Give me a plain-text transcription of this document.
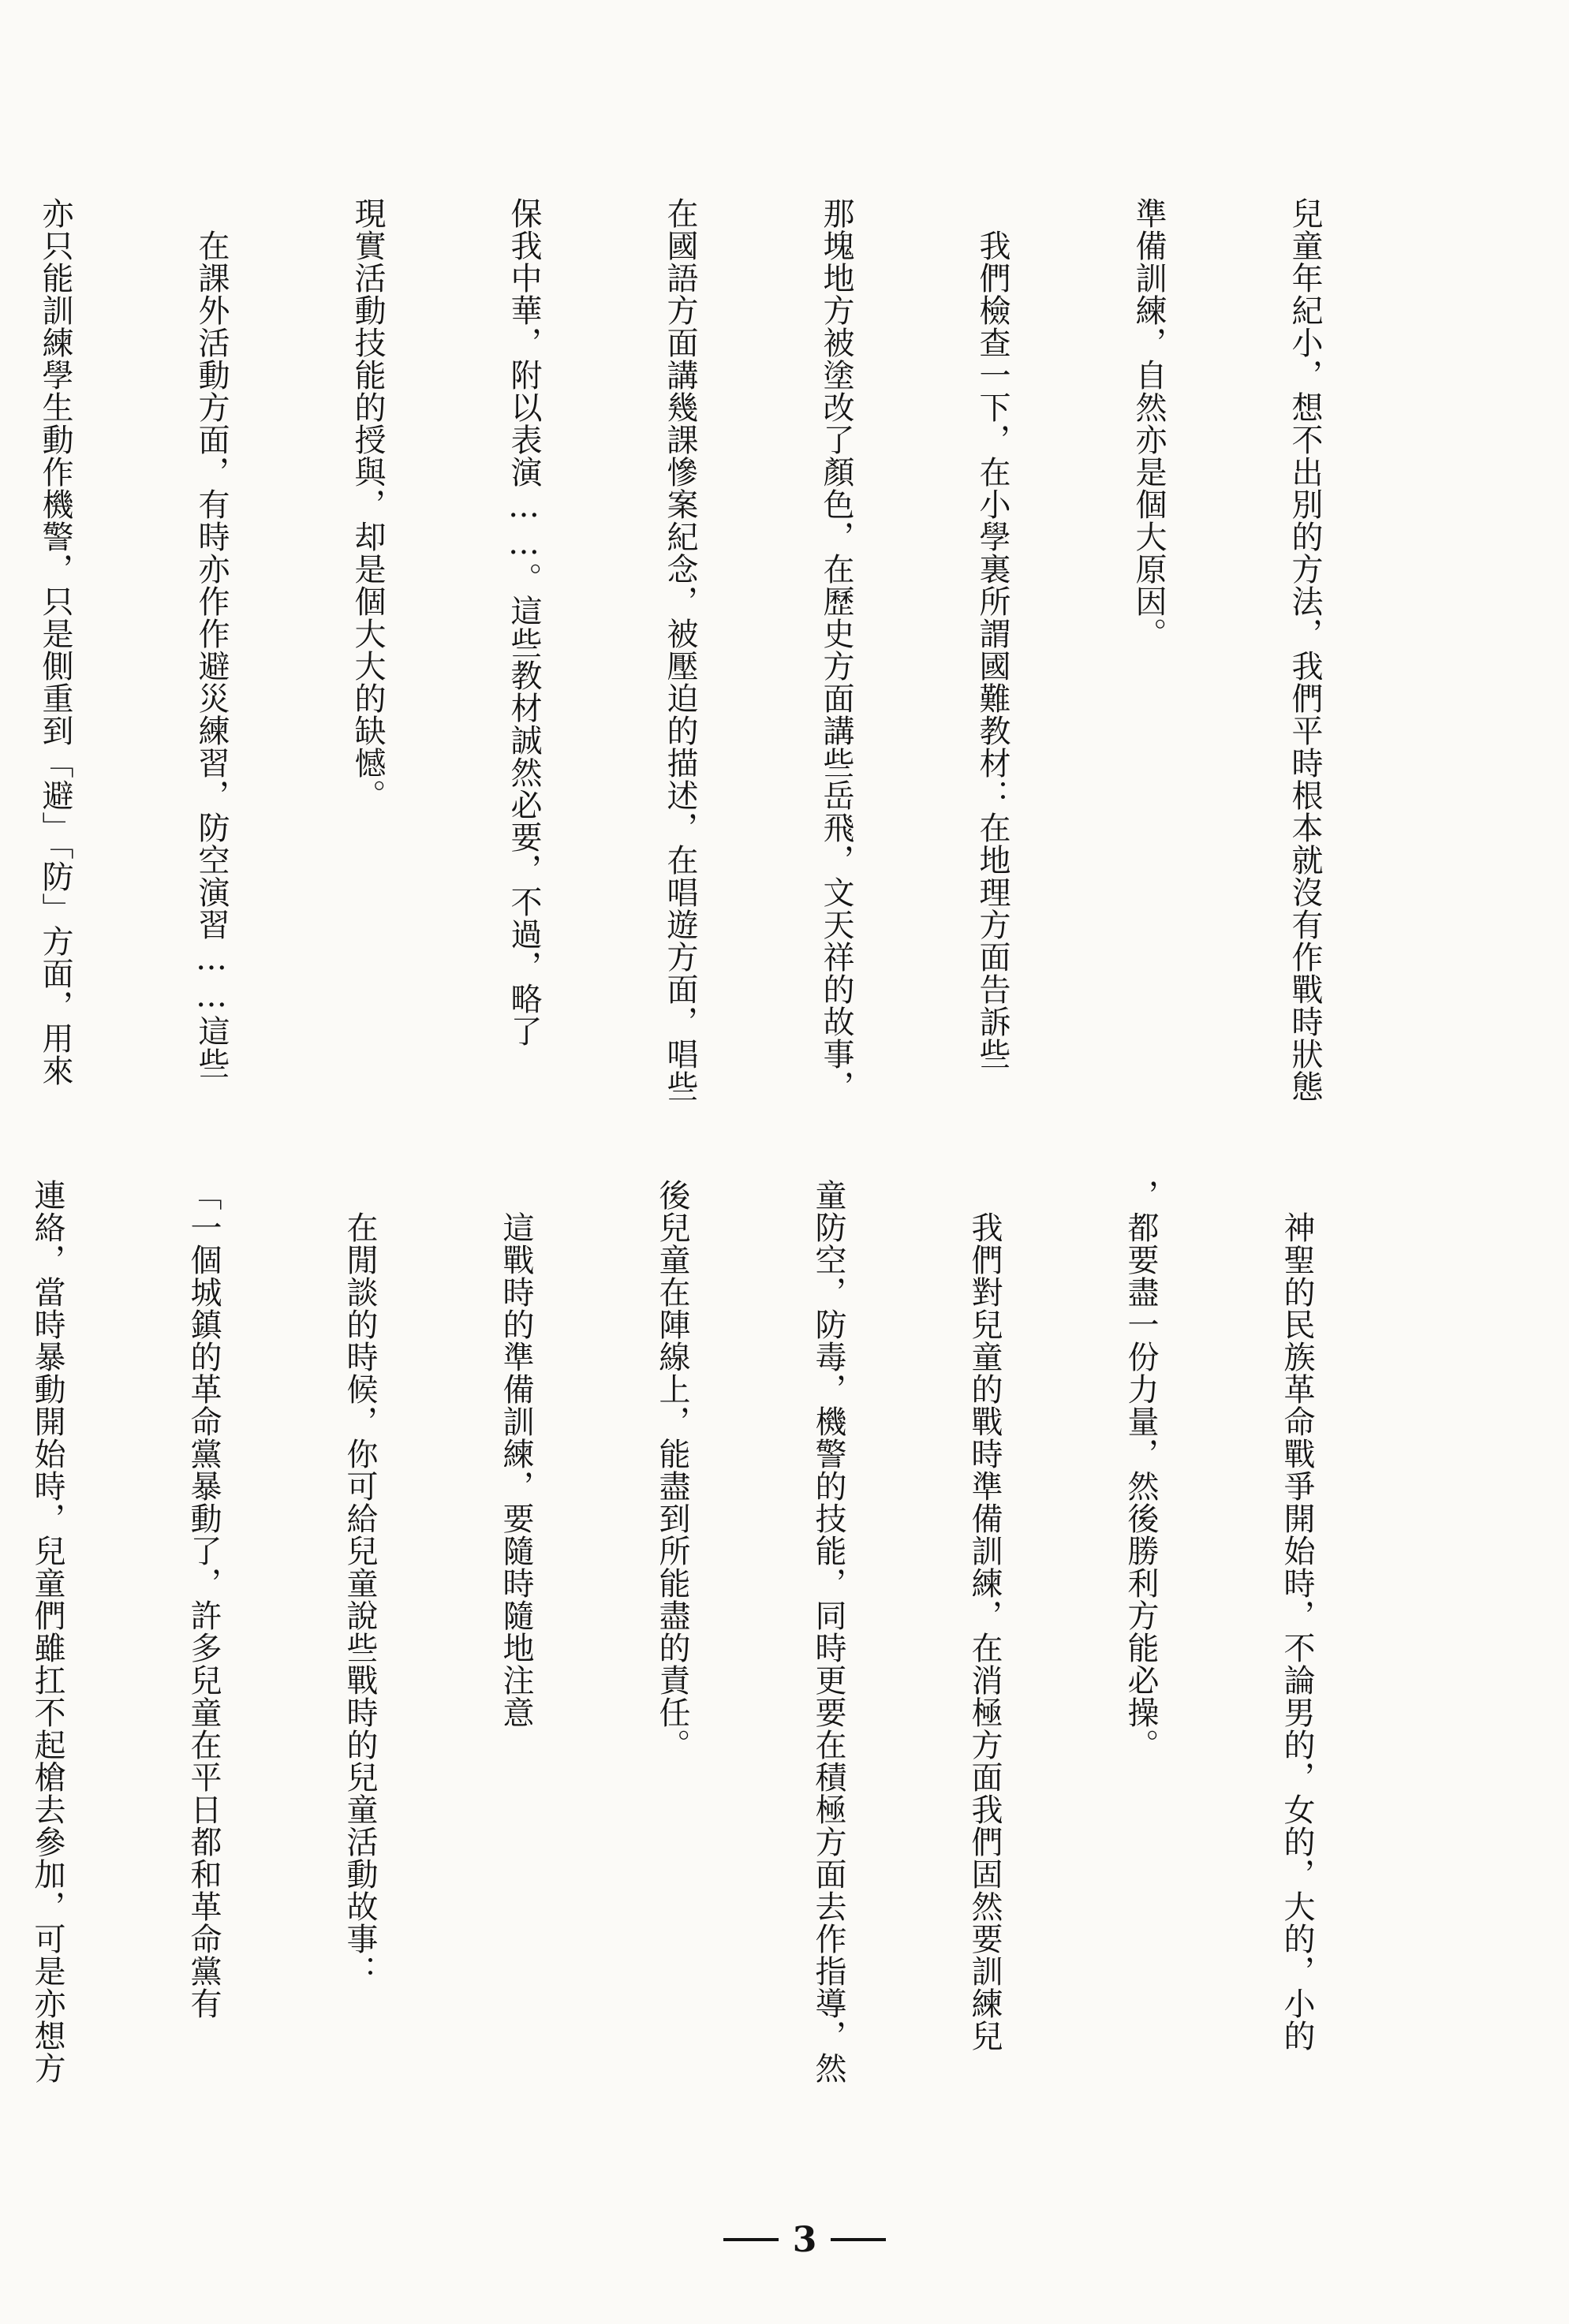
兒童年紀小，想不出別的方法，我們平時根本就沒有作戰時狀態

準備訓練，自然亦是個大原因。

　我們檢查一下，在小學裏所謂國難教材：在地理方面告訴些

那塊地方被塗改了顏色，在歷史方面講些岳飛，文天祥的故事，

在國語方面講幾課慘案紀念，被壓迫的描述，在唱遊方面，唱些

保我中華，附以表演……。這些教材誠然必要，不過，略了

現實活動技能的授與，却是個大大的缺憾。

　在課外活動方面，有時亦作作避災練習，防空演習……這些

亦只能訓練學生動作機警，只是側重到「避」「防」方面，用來

　神聖的民族革命戰爭開始時，不論男的，女的，大的，小的

，都要盡一份力量，然後勝利方能必操。

　我們對兒童的戰時準備訓練，在消極方面我們固然要訓練兒

童防空，防毒，機警的技能，同時更要在積極方面去作指導，然

後兒童在陣線上，能盡到所能盡的責任。

　這戰時的準備訓練，要隨時隨地注意

　在閒談的時候，你可給兒童說些戰時的兒童活動故事：

「一個城鎮的革命黨暴動了，許多兒童在平日都和革命黨有

連絡，當時暴動開始時，兒童們雖扛不起槍去參加，可是亦想方

3
